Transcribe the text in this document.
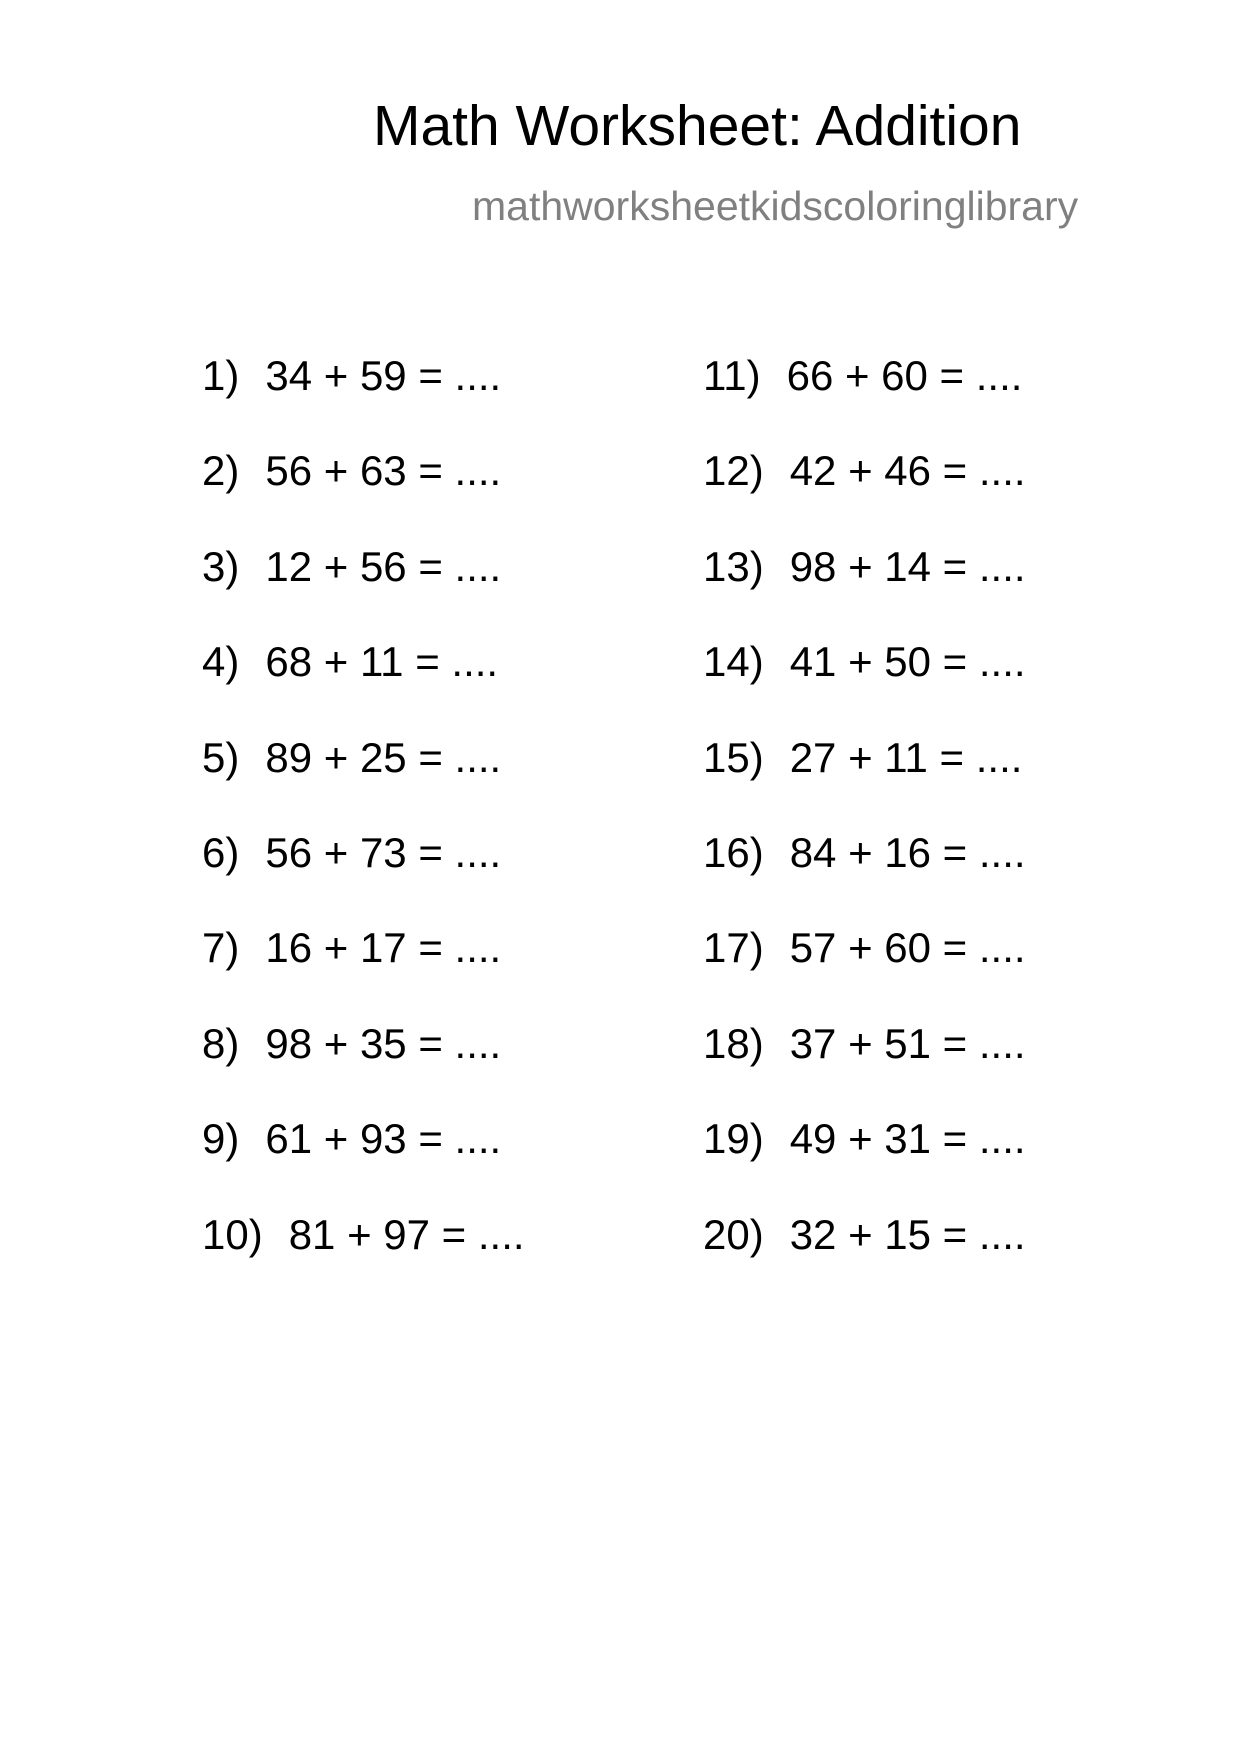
Math Worksheet: Addition
mathworksheetkidscoloringlibrary
1) 34 + 59 = ....
2) 56 + 63 = ....
3) 12 + 56 = ....
4) 68 + 11 = ....
5) 89 + 25 = ....
6) 56 + 73 = ....
7) 16 + 17 = ....
8) 98 + 35 = ....
9) 61 + 93 = ....
10) 81 + 97 = ....
11) 66 + 60 = ....
12) 42 + 46 = ....
13) 98 + 14 = ....
14) 41 + 50 = ....
15) 27 + 11 = ....
16) 84 + 16 = ....
17) 57 + 60 = ....
18) 37 + 51 = ....
19) 49 + 31 = ....
20) 32 + 15 = ....
